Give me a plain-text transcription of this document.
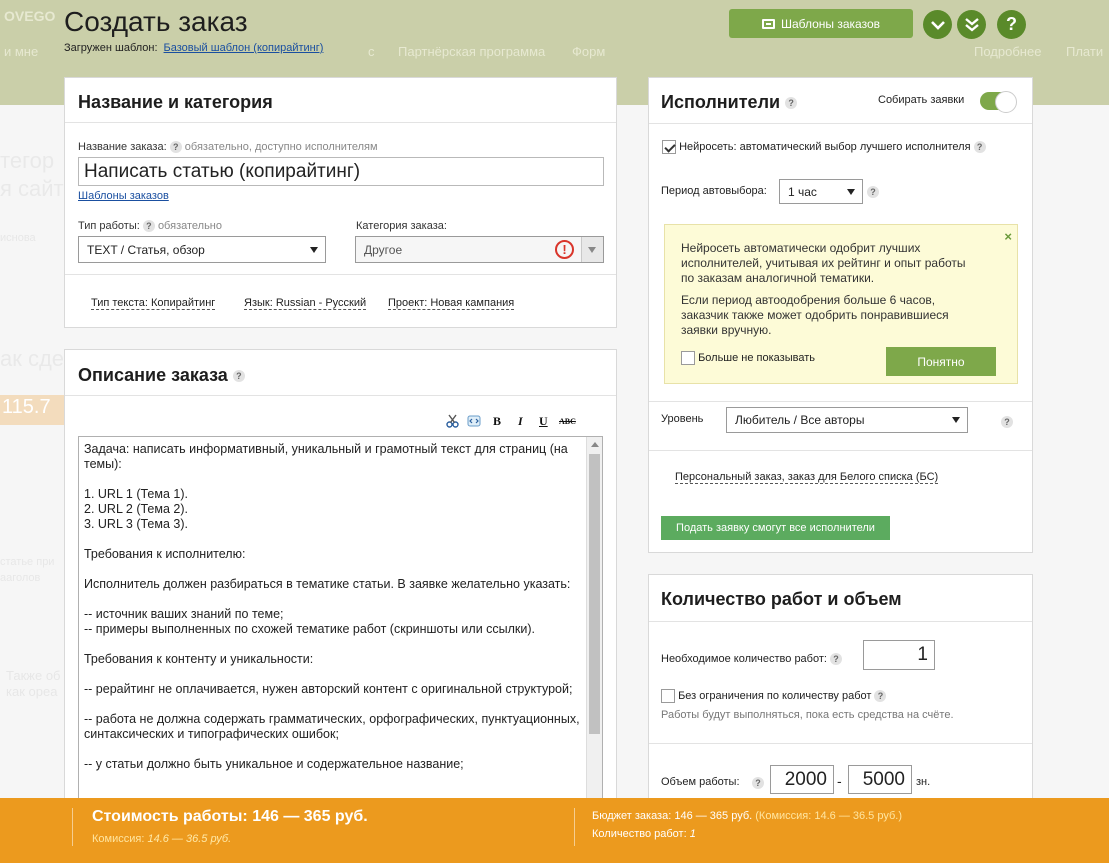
Создать заказ
Загружен шаблон: Базовый шаблон (копирайтинг)
Шаблоны заказов	?
Название и категория
Название заказа: ? обязательно, доступно исполнителям
Написать статью (копирайтинг)
Шаблоны заказов
Тип работы: ? обязательно
TEXT / Статья, обзор
Категория заказа:
Другое	!
Тип текста: Копирайтинг	Язык: Russian - Русский Проект: Новая кампания
Описание заказа ?
B I U ABC

Задача: написать информативный, уникальный и грамотный текст для страниц (на темы):

1. URL 1 (Тема 1).

2. URL 2 (Тема 2).

3. URL 3 (Тема 3).

Требования к исполнителю:

Исполнитель должен разбираться в тематике статьи. В заявке желательно указать:

-- источник ваших знаний по теме;

-- примеры выполненных по схожей тематике работ (скриншоты или ссылки).

Требования к контенту и уникальности:

-- рерайтинг не оплачивается, нужен авторский контент с оригинальной структурой;

-- работа не должна содержать грамматических, орфографических, пунктуационных, синтаксических и типографических ошибок;

-- у статьи должно быть уникальное и содержательное название;

Исполнители ?	Собирать заявки
Нейросеть: автоматический выбор лучшего исполнителя ?
Период автовыбора: 1 час	?
×

Нейросеть автоматически одобрит лучших исполнителей, учитывая их рейтинг и опыт работы по заказам аналогичной тематики.

Если период автоодобрения больше 6 часов, заказчик также может одобрить понравившиеся заявки вручную.

Больше не показывать	Понятно
Уровень	Любитель / Все авторы	?
Персональный заказ, заказ для Белого списка (БС)
Подать заявку смогут все исполнители
Количество работ и объем
Необходимое количество работ: ?	1
Без ограничения по количеству работ ?
Работы будут выполняться, пока есть средства на счёте.
Объем работы:	?	2000 -	5000	зн.
Стоимость работы: 146 — 365 руб.
Комиссия: 14.6 — 36.5 руб.
Бюджет заказа: 146 — 365 руб. (Комиссия: 14.6 — 36.5 руб.)
Количество работ: 1
